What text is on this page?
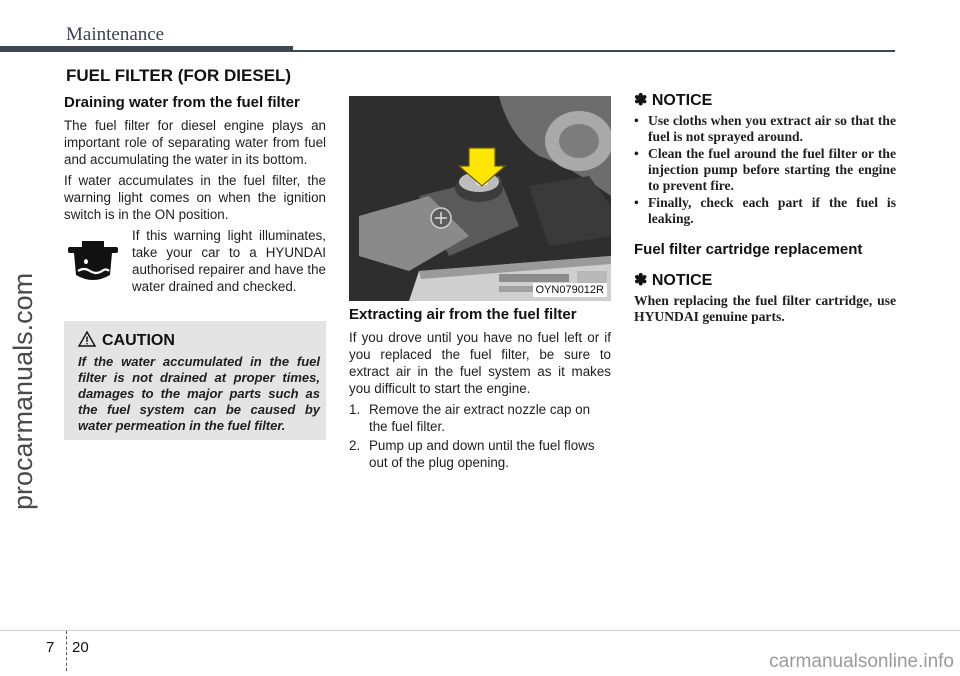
Maintenance
procarmanuals.com
FUEL FILTER (FOR DIESEL)
Draining water from the fuel filter

The fuel filter for diesel engine plays an important role of separating water from fuel and accumulating the water in its bottom.

If water accumulates in the fuel filter, the warning light comes on when the ignition switch is in the ON position.

If this warning light illuminates, take your car to a HYUNDAI authorised repairer and have the water drained and checked.
CAUTION
If the water accumulated in the fuel filter is not drained at proper times, damages to the major parts such as the fuel system can be caused by water permeation in the fuel filter.
OYN079012R
Extracting air from the fuel filter

If you drove until you have no fuel left or if you replaced the fuel filter, be sure to extract air in the fuel system as it makes you difficult to start the engine.

1. Remove the air extract nozzle cap on the fuel filter.
2. Pump up and down until the fuel flows out of the plug opening.
✽ NOTICE
• Use cloths when you extract air so that the fuel is not sprayed around.
• Clean the fuel around the fuel filter or the injection pump before starting the engine to prevent fire.
• Finally, check each part if the fuel is leaking.
Fuel filter cartridge replacement
✽ NOTICE

When replacing the fuel filter cartridge, use HYUNDAI genuine parts.

7 20
carmanualsonline.info
